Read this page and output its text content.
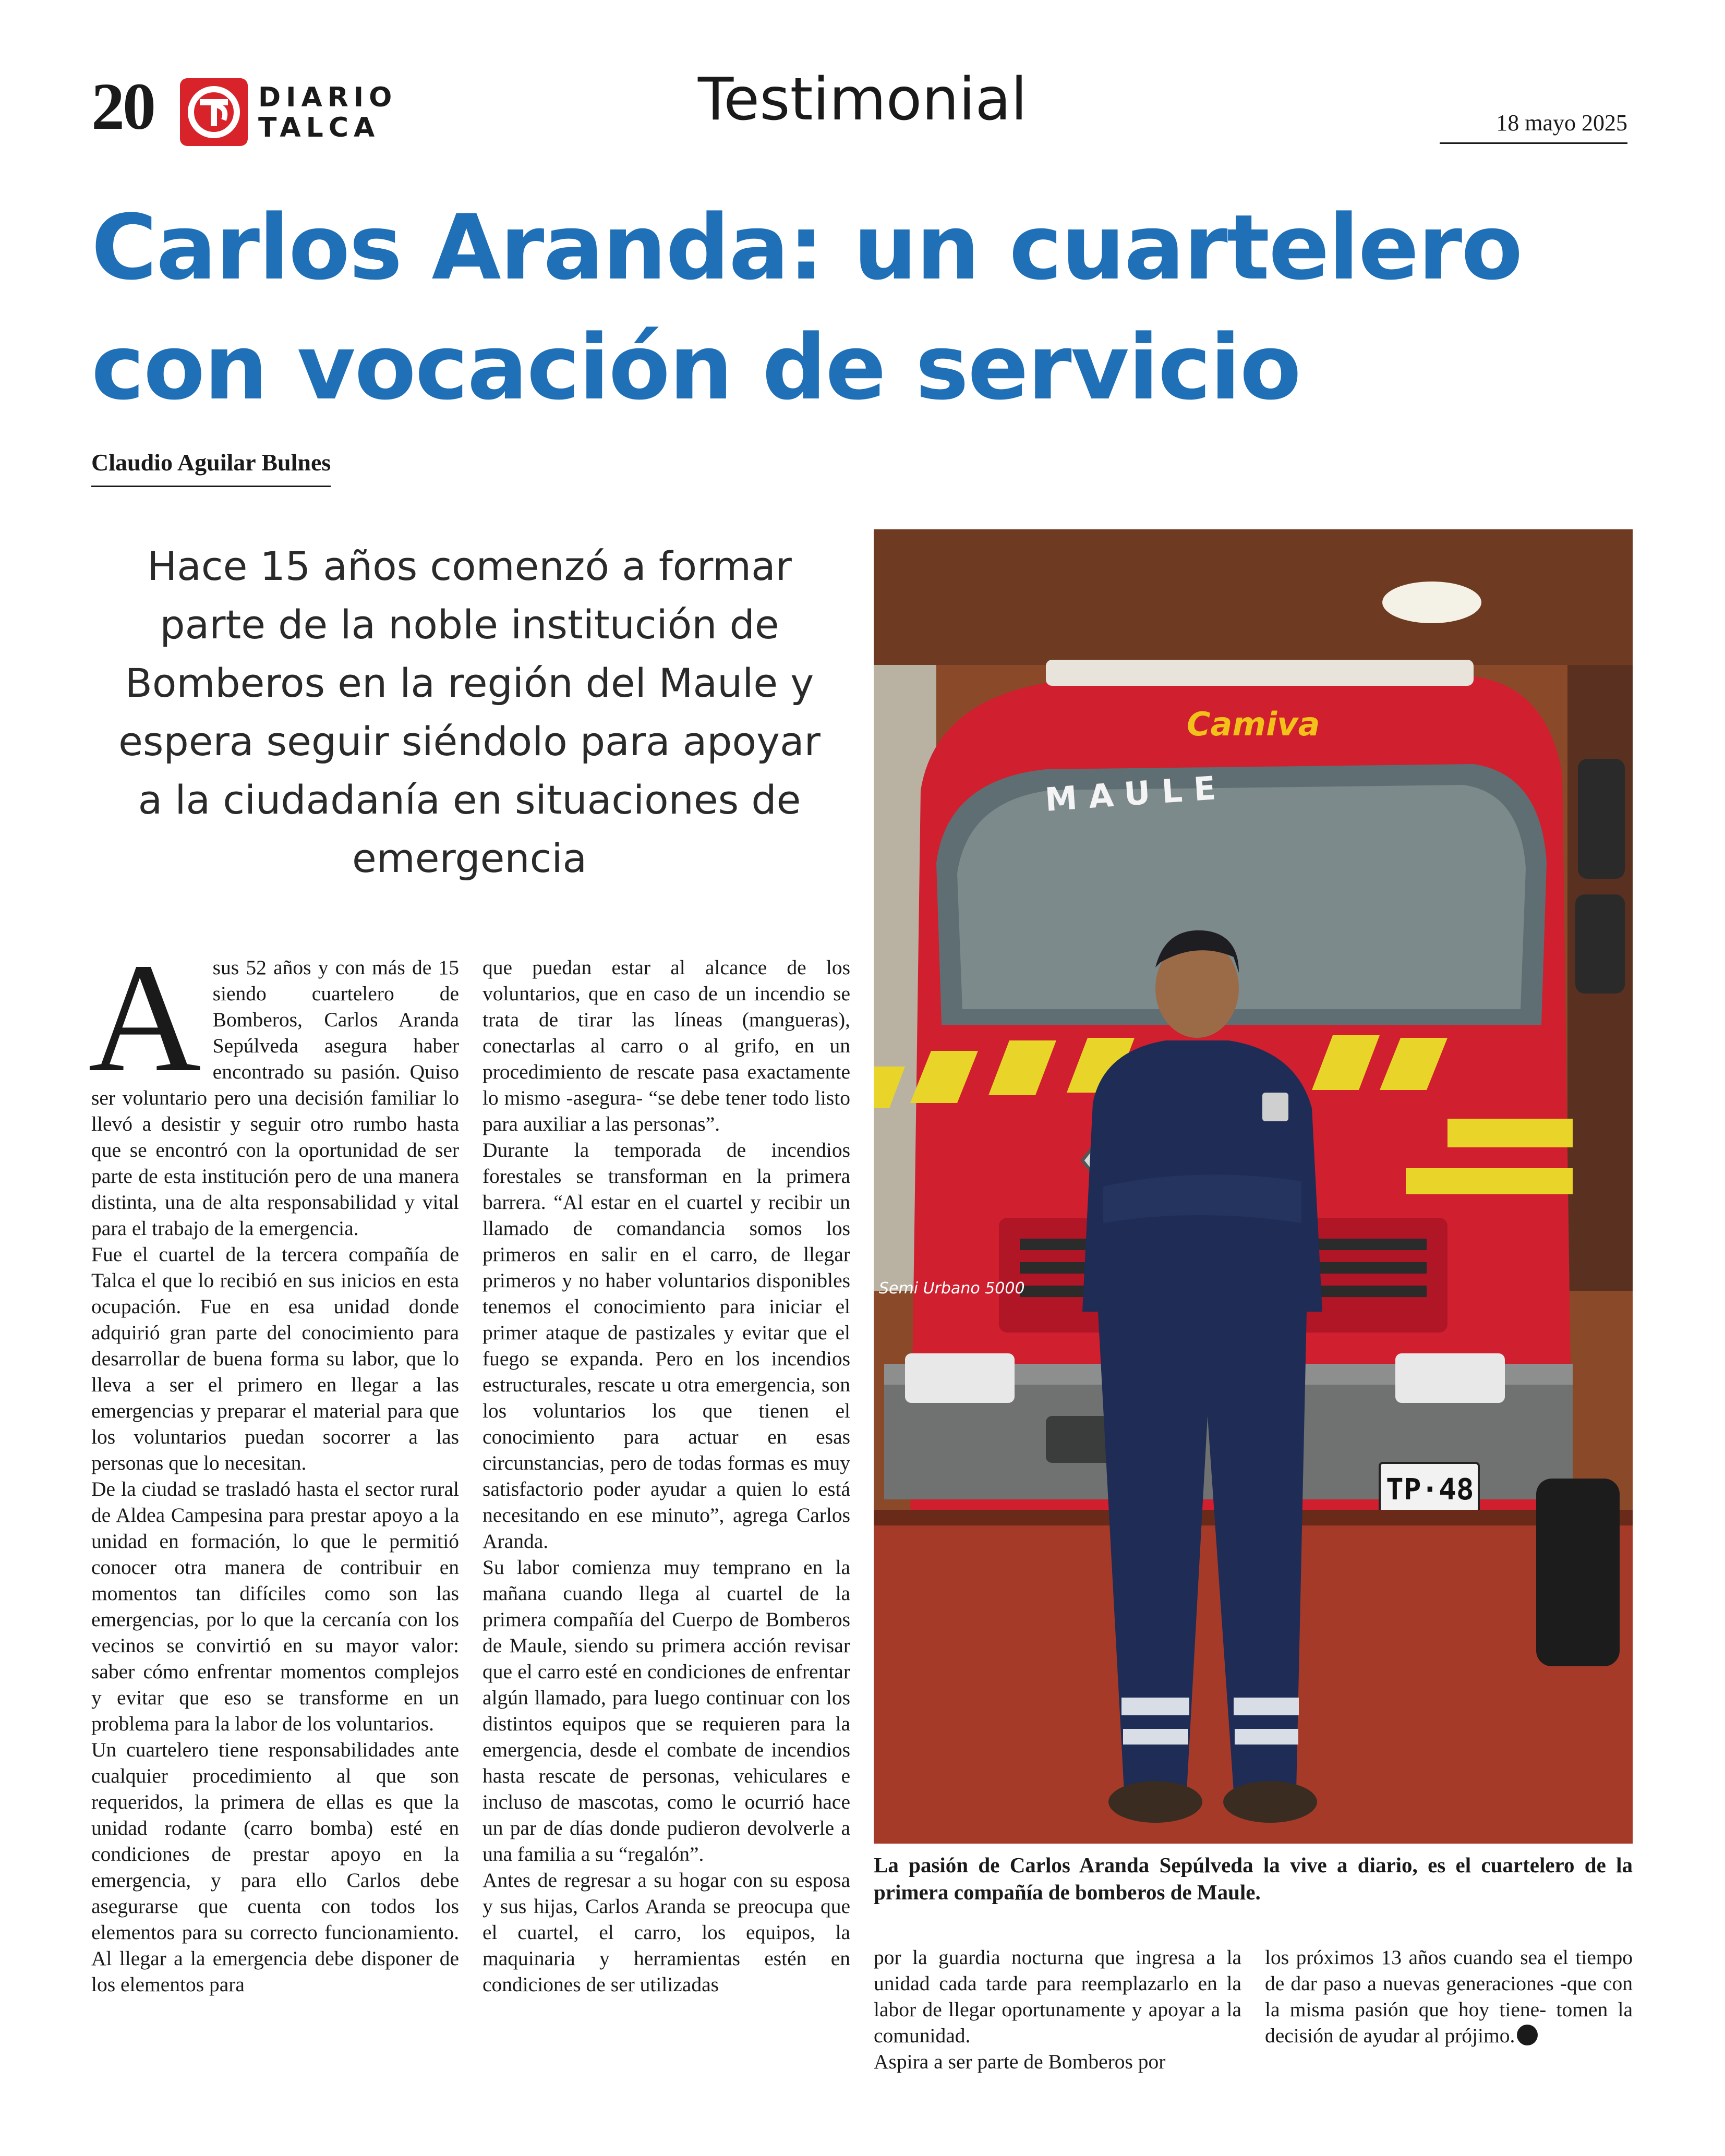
20	DIARIO
TALCA	Testimonial	18 mayo 2025
Carlos Aranda: un cuartelero
con vocación de servicio
Claudio Aguilar Bulnes
Hace 15 años comenzó a formar
parte de la noble institución de
Bomberos en la región del Maule y
espera seguir siéndolo para apoyar
a la ciudadanía en situaciones de
emergencia

A sus 52 años y con más de 15 siendo cuartelero de Bomberos, Carlos Aranda Sepúlveda asegura haber encontrado su pasión. Quiso ser voluntario pero una decisión familiar lo llevó a desistir y seguir otro rumbo hasta que se encontró con la oportunidad de ser parte de esta institución pero de una manera distinta, una de alta responsabilidad y vital para el trabajo de la emergencia.

Fue el cuartel de la tercera compañía de Talca el que lo recibió en sus inicios en esta ocupación. Fue en esa unidad donde adquirió gran parte del conocimiento para desarrollar de buena forma su labor, que lo lleva a ser el primero en llegar a las emergencias y preparar el material para que los voluntarios puedan socorrer a las personas que lo necesitan.

De la ciudad se trasladó hasta el sector rural de Aldea Campesina para prestar apoyo a la unidad en formación, lo que le permitió conocer otra manera de contribuir en momentos tan difíciles como son las emergencias, por lo que la cercanía con los vecinos se convirtió en su mayor valor: saber cómo enfrentar momentos complejos y evitar que eso se transforme en un problema para la labor de los voluntarios.

Un cuartelero tiene responsabilidades ante cualquier procedimiento al que son requeridos, la primera de ellas es que la unidad rodante (carro bomba) esté en condiciones de prestar apoyo en la emergencia, y para ello Carlos debe asegurarse que cuenta con todos los elementos para su correcto funcionamiento. Al llegar a la emergencia debe disponer de los elementos para

que puedan estar al alcance de los voluntarios, que en caso de un incendio se trata de tirar las líneas (mangueras), conectarlas al carro o al grifo, en un procedimiento de rescate pasa exactamente lo mismo -asegura- “se debe tener todo listo para auxiliar a las personas”.

Durante la temporada de incendios forestales se transforman en la primera barrera. “Al estar en el cuartel y recibir un llamado de comandancia somos los primeros en salir en el carro, de llegar primeros y no haber voluntarios disponibles tenemos el conocimiento para iniciar el primer ataque de pastizales y evitar que el fuego se expanda. Pero en los incendios estructurales, rescate u otra emergencia, son los voluntarios los que tienen el conocimiento para actuar en esas circunstancias, pero de todas formas es muy satisfactorio poder ayudar a quien lo está necesitando en ese minuto”, agrega Carlos Aranda.

Su labor comienza muy temprano en la mañana cuando llega al cuartel de la primera compañía del Cuerpo de Bomberos de Maule, siendo su primera acción revisar que el carro esté en condiciones de enfrentar algún llamado, para luego continuar con los distintos equipos que se requieren para la emergencia, desde el combate de incendios hasta rescate de personas, vehiculares e incluso de mascotas, como le ocurrió hace un par de días donde pudieron devolverle a una familia a su “regalón”.

Antes de regresar a su hogar con su esposa y sus hijas, Carlos Aranda se preocupa que el cuartel, el carro, los equipos, la maquinaria y herramientas estén en condiciones de ser utilizadas

por la guardia nocturna que ingresa a la unidad cada tarde para reemplazarlo en la labor de llegar oportunamente y apoyar a la comunidad.

Aspira a ser parte de Bomberos por

los próximos 13 años cuando sea el tiempo de dar paso a nuevas generaciones -que con la misma pasión que hoy tiene- tomen la decisión de ayudar al prójimo.

Camiva
MAULE
Semi Urbano 5000
TP·48
La pasión de Carlos Aranda Sepúlveda la vive a diario, es el cuartelero de la primera compañía de bomberos de Maule.
